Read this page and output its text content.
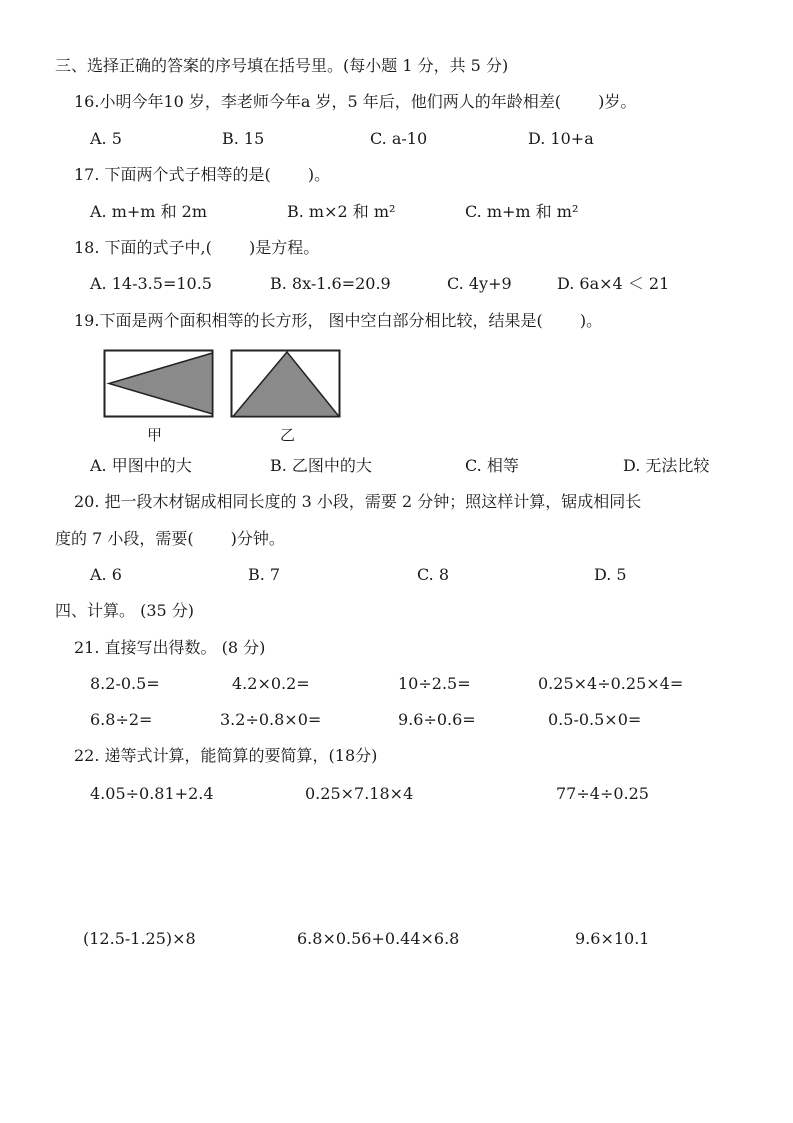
三、选择正确的答案的序号填在括号里。(每小题 1 分，共 5 分)
16.小明今年10 岁，李老师今年a 岁，5 年后，他们两人的年龄相差(　　 )岁。
A. 5	B. 15	C. a-10	D. 10+a
17. 下面两个式子相等的是(　　 )。
A. m+m 和 2m	B. m×2 和 m²	C. m+m 和 m²
18. 下面的式子中,(　　 )是方程。
A. 14-3.5=10.5	B. 8x-1.6=20.9	C. 4y+9	D. 6a×4 ＜ 21
19.下面是两个面积相等的长方形， 图中空白部分相比较，结果是(　　 )。
甲	乙
A. 甲图中的大	B. 乙图中的大	C. 相等	D. 无法比较
20. 把一段木材锯成相同长度的 3 小段，需要 2 分钟；照这样计算，锯成相同长
度的 7 小段，需要(　　 )分钟。
A. 6	B. 7	C. 8	D. 5
四、计算。 (35 分)
21. 直接写出得数。 (8 分)
8.2-0.5=	4.2×0.2=	10÷2.5=	0.25×4÷0.25×4=
6.8÷2=	3.2÷0.8×0=	9.6÷0.6=	0.5-0.5×0=
22. 递等式计算，能简算的要简算，(18分)
4.05÷0.81+2.4	0.25×7.18×4	77÷4÷0.25
(12.5-1.25)×8	6.8×0.56+0.44×6.8	9.6×10.1
